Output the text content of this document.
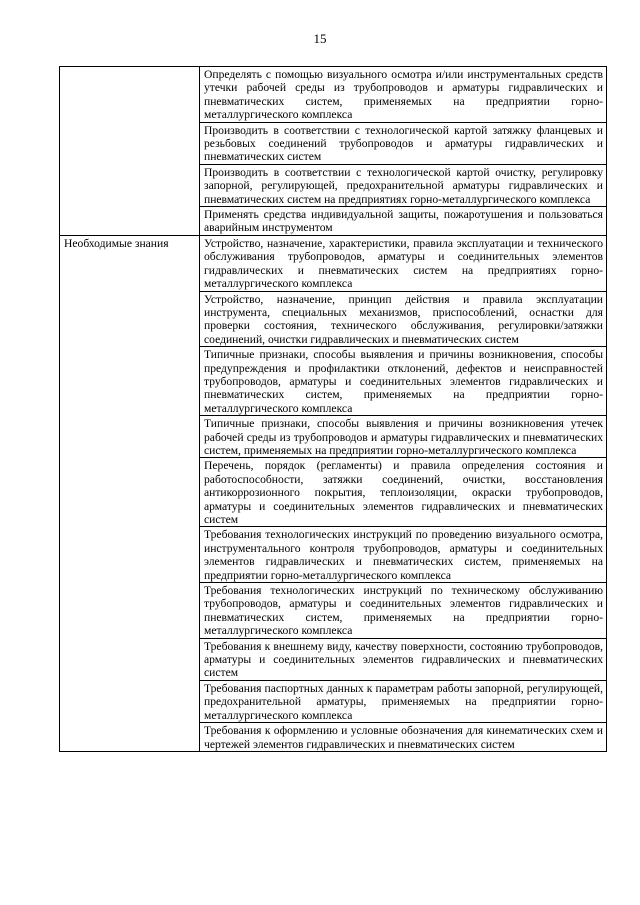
15

	Определять с помощью визуального осмотра и/или инструментальных средств утечки рабочей среды из трубопроводов и арматуры гидравлических и пневматических систем, применяемых на предприятии горно-металлургического комплекса

	Производить в соответствии с технологической картой затяжку фланцевых и резьбовых соединений трубопроводов и арматуры гидравлических и пневматических систем

	Производить в соответствии с технологической картой очистку, регулировку запорной, регулирующей, предохранительной арматуры гидравлических и пневматических систем на предприятиях горно-металлургического комплекса

	Применять средства индивидуальной защиты, пожаротушения и пользоваться аварийным инструментом

Необходимые знания	Устройство, назначение, характеристики, правила эксплуатации и технического обслуживания трубопроводов, арматуры и соединительных элементов гидравлических и пневматических систем на предприятиях горно-металлургического комплекса

	Устройство, назначение, принцип действия и правила эксплуатации инструмента, специальных механизмов, приспособлений, оснастки для проверки состояния, технического обслуживания, регулировки/затяжки соединений, очистки гидравлических и пневматических систем

	Типичные признаки, способы выявления и причины возникновения, способы предупреждения и профилактики отклонений, дефектов и неисправностей трубопроводов, арматуры и соединительных элементов гидравлических и пневматических систем, применяемых на предприятии горно-металлургического комплекса

	Типичные признаки, способы выявления и причины возникновения утечек рабочей среды из трубопроводов и арматуры гидравлических и пневматических систем, применяемых на предприятии горно-металлургического комплекса

	Перечень, порядок (регламенты) и правила определения состояния и работоспособности, затяжки соединений, очистки, восстановления антикоррозионного покрытия, теплоизоляции, окраски трубопроводов, арматуры и соединительных элементов гидравлических и пневматических систем

	Требования технологических инструкций по проведению визуального осмотра, инструментального контроля трубопроводов, арматуры и соединительных элементов гидравлических и пневматических систем, применяемых на предприятии горно-металлургического комплекса

	Требования технологических инструкций по техническому обслуживанию трубопроводов, арматуры и соединительных элементов гидравлических и пневматических систем, применяемых на предприятии горно-металлургического комплекса

	Требования к внешнему виду, качеству поверхности, состоянию трубопроводов, арматуры и соединительных элементов гидравлических и пневматических систем

	Требования паспортных данных к параметрам работы запорной, регулирующей, предохранительной арматуры, применяемых на предприятии горно-металлургического комплекса

	Требования к оформлению и условные обозначения для кинематических схем и чертежей элементов гидравлических и пневматических систем
